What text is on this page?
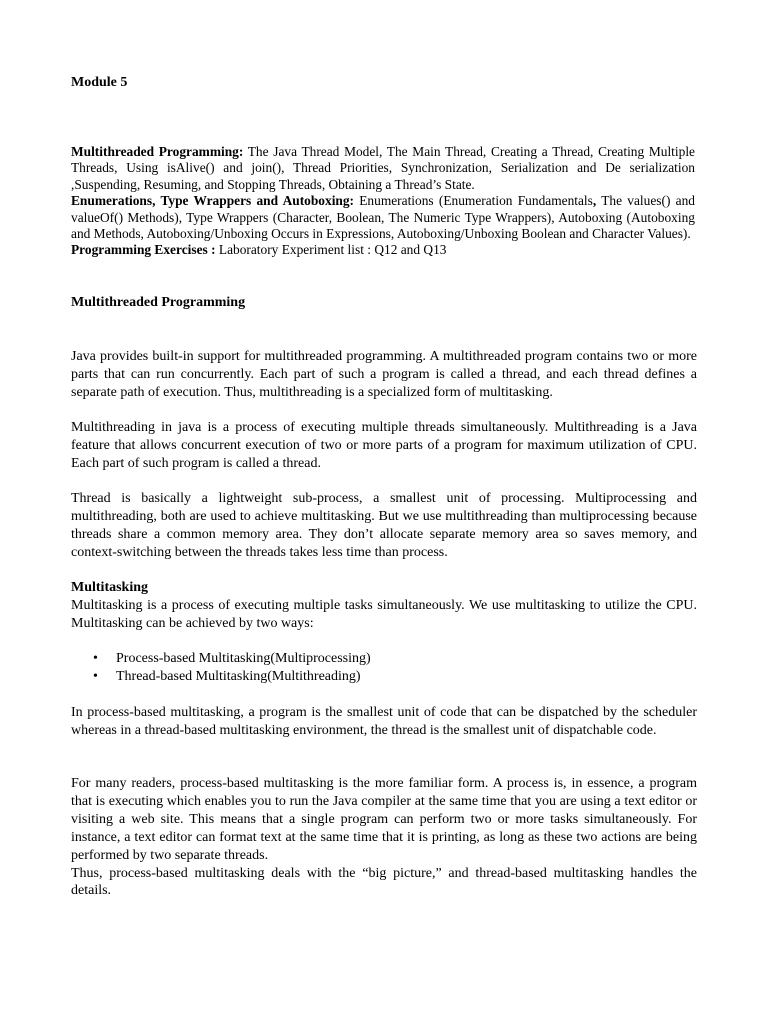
Module 5

Multithreaded Programming: The Java Thread Model, The Main Thread, Creating a Thread, Creating Multiple Threads, Using isAlive() and join(), Thread Priorities, Synchronization, Serialization and De serialization ,Suspending, Resuming, and Stopping Threads, Obtaining a Thread’s State.

Enumerations, Type Wrappers and Autoboxing: Enumerations (Enumeration Fundamentals, The values() and valueOf() Methods), Type Wrappers (Character, Boolean, The Numeric Type Wrappers), Autoboxing (Autoboxing and Methods, Autoboxing/Unboxing Occurs in Expressions, Autoboxing/Unboxing Boolean and Character Values).

Programming Exercises : Laboratory Experiment list : Q12 and Q13

Multithreaded Programming

Java provides built-in support for multithreaded programming. A multithreaded program contains two or more parts that can run concurrently. Each part of such a program is called a thread, and each thread defines a separate path of execution. Thus, multithreading is a specialized form of multitasking.

Multithreading in java is a process of executing multiple threads simultaneously. Multithreading is a Java feature that allows concurrent execution of two or more parts of a program for maximum utilization of CPU. Each part of such program is called a thread.

Thread is basically a lightweight sub-process, a smallest unit of processing. Multiprocessing and multithreading, both are used to achieve multitasking. But we use multithreading than multiprocessing because threads share a common memory area. They don’t allocate separate memory area so saves memory, and context-switching between the threads takes less time than process.

Multitasking

Multitasking is a process of executing multiple tasks simultaneously. We use multitasking to utilize the CPU. Multitasking can be achieved by two ways:

• Process-based Multitasking(Multiprocessing)
• Thread-based Multitasking(Multithreading)

In process-based multitasking, a program is the smallest unit of code that can be dispatched by the scheduler whereas in a thread-based multitasking environment, the thread is the smallest unit of dispatchable code.

For many readers, process-based multitasking is the more familiar form. A process is, in essence, a program that is executing which enables you to run the Java compiler at the same time that you are using a text editor or visiting a web site. This means that a single program can perform two or more tasks simultaneously. For instance, a text editor can format text at the same time that it is printing, as long as these two actions are being performed by two separate threads.

Thus, process-based multitasking deals with the “big picture,” and thread-based multitasking handles the details.
